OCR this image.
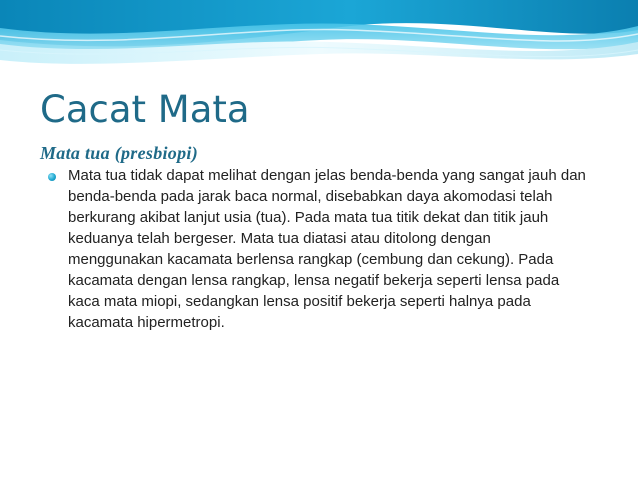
Cacat Mata
Mata tua (presbiopi)
Mata tua tidak dapat melihat dengan jelas benda-benda yang sangat jauh dan benda-benda pada jarak baca normal, disebabkan daya akomodasi telah berkurang akibat lanjut usia (tua). Pada mata tua titik dekat dan titik jauh keduanya telah bergeser. Mata tua diatasi atau ditolong dengan menggunakan kacamata berlensa rangkap (cembung dan cekung). Pada kacamata dengan lensa rangkap, lensa negatif bekerja seperti lensa pada kaca mata miopi, sedangkan lensa positif bekerja seperti halnya pada kacamata hipermetropi.
